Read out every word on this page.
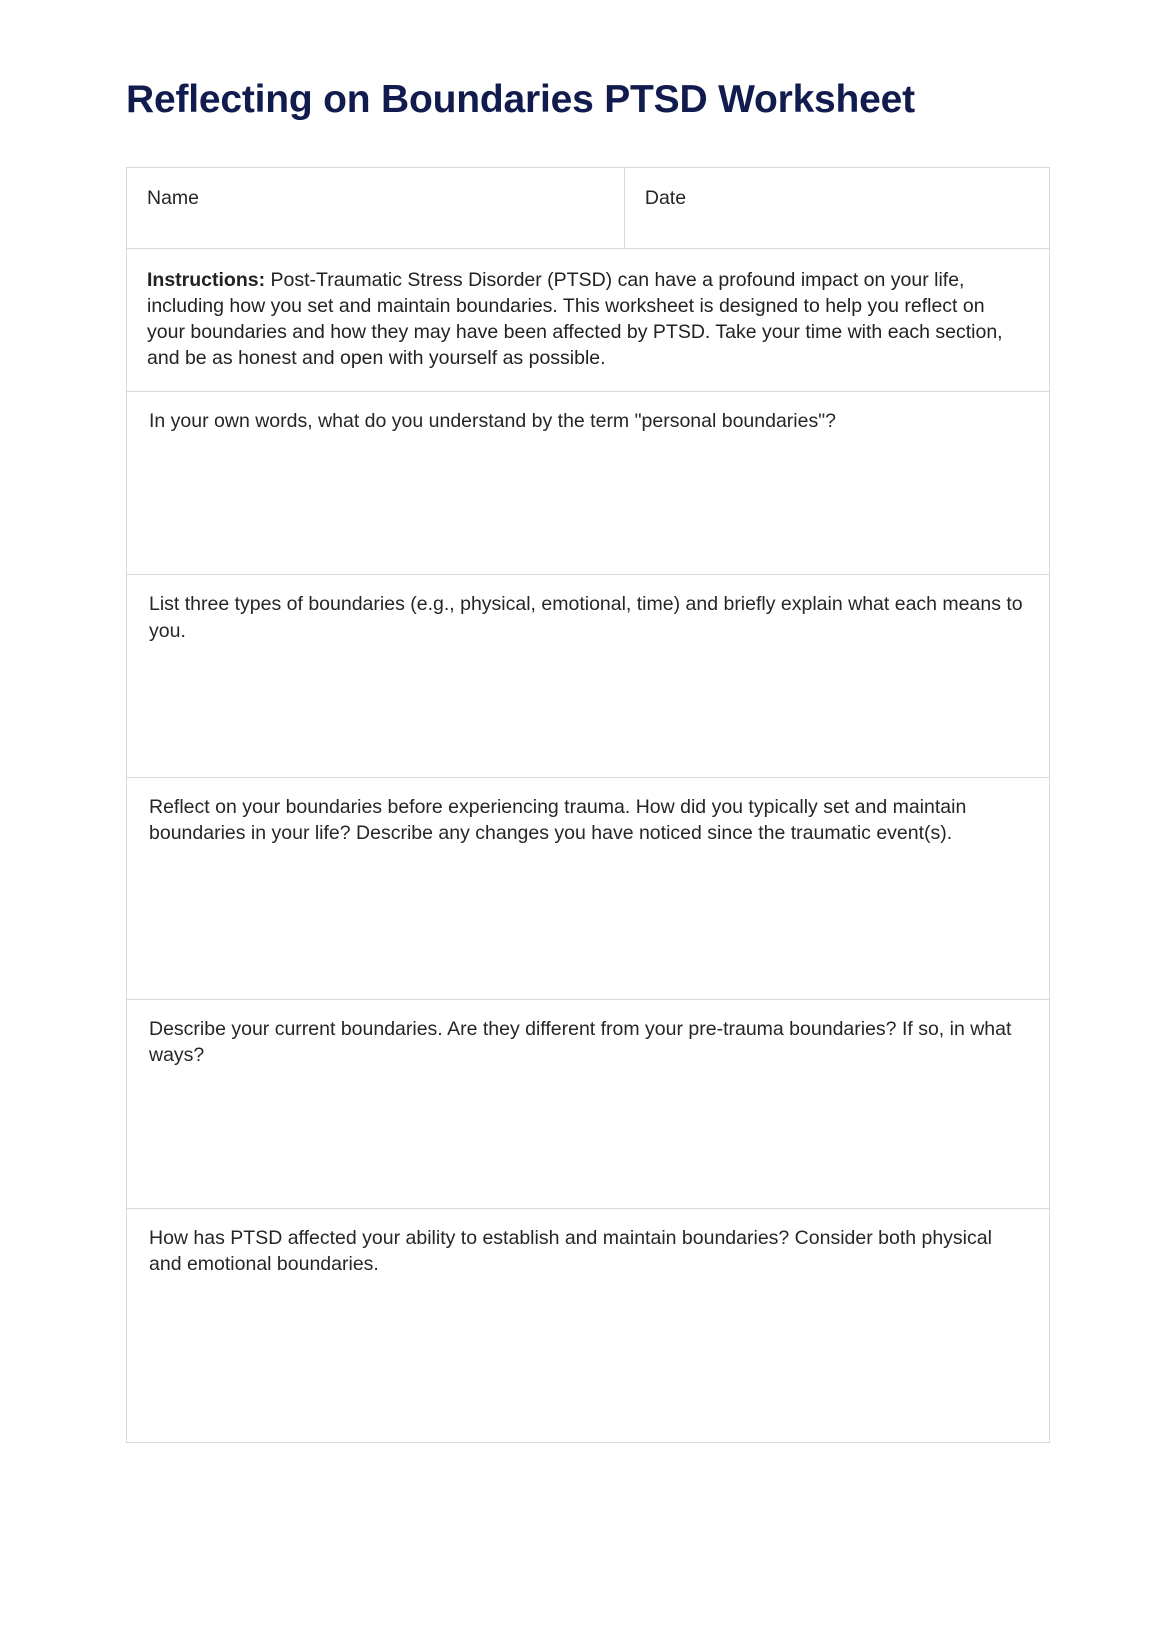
Reflecting on Boundaries PTSD Worksheet
Name	Date
Instructions: Post-Traumatic Stress Disorder (PTSD) can have a profound impact on your life, including how you set and maintain boundaries. This worksheet is designed to help you reflect on your boundaries and how they may have been affected by PTSD. Take your time with each section, and be as honest and open with yourself as possible.
In your own words, what do you understand by the term "personal boundaries"?
List three types of boundaries (e.g., physical, emotional, time) and briefly explain what each means to you.
Reflect on your boundaries before experiencing trauma. How did you typically set and maintain boundaries in your life? Describe any changes you have noticed since the traumatic event(s).
Describe your current boundaries. Are they different from your pre-trauma boundaries? If so, in what ways?
How has PTSD affected your ability to establish and maintain boundaries? Consider both physical and emotional boundaries.
